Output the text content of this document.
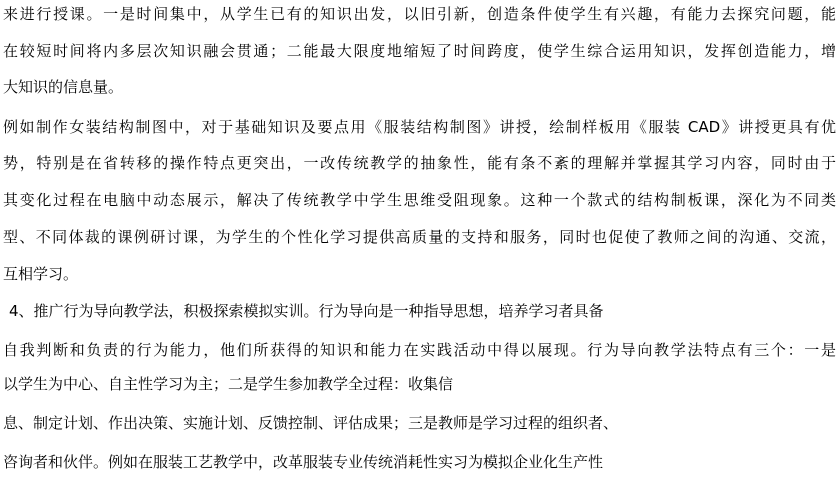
来进行授课。一是时间集中，从学生已有的知识出发，以旧引新，创造条件使学生有兴趣，有能力去探究问题，能
在较短时间将内多层次知识融会贯通；二能最大限度地缩短了时间跨度，使学生综合运用知识，发挥创造能力，增
大知识的信息量。
例如制作女装结构制图中，对于基础知识及要点用《服装结构制图》讲授，绘制样板用《服装 CAD》讲授更具有优
势，特别是在省转移的操作特点更突出，一改传统教学的抽象性，能有条不紊的理解并掌握其学习内容，同时由于
其变化过程在电脑中动态展示，解决了传统教学中学生思维受阻现象。这种一个款式的结构制板课，深化为不同类
型、不同体裁的课例研讨课，为学生的个性化学习提供高质量的支持和服务，同时也促使了教师之间的沟通、交流，
互相学习。
4、推广行为导向教学法，积极探索模拟实训。行为导向是一种指导思想，培养学习者具备
自我判断和负责的行为能力，他们所获得的知识和能力在实践活动中得以展现。行为导向教学法特点有三个：一是
以学生为中心、自主性学习为主；二是学生参加教学全过程：收集信
息、制定计划、作出决策、实施计划、反馈控制、评估成果；三是教师是学习过程的组织者、
咨询者和伙伴。例如在服装工艺教学中，改革服装专业传统消耗性实习为模拟企业化生产性
